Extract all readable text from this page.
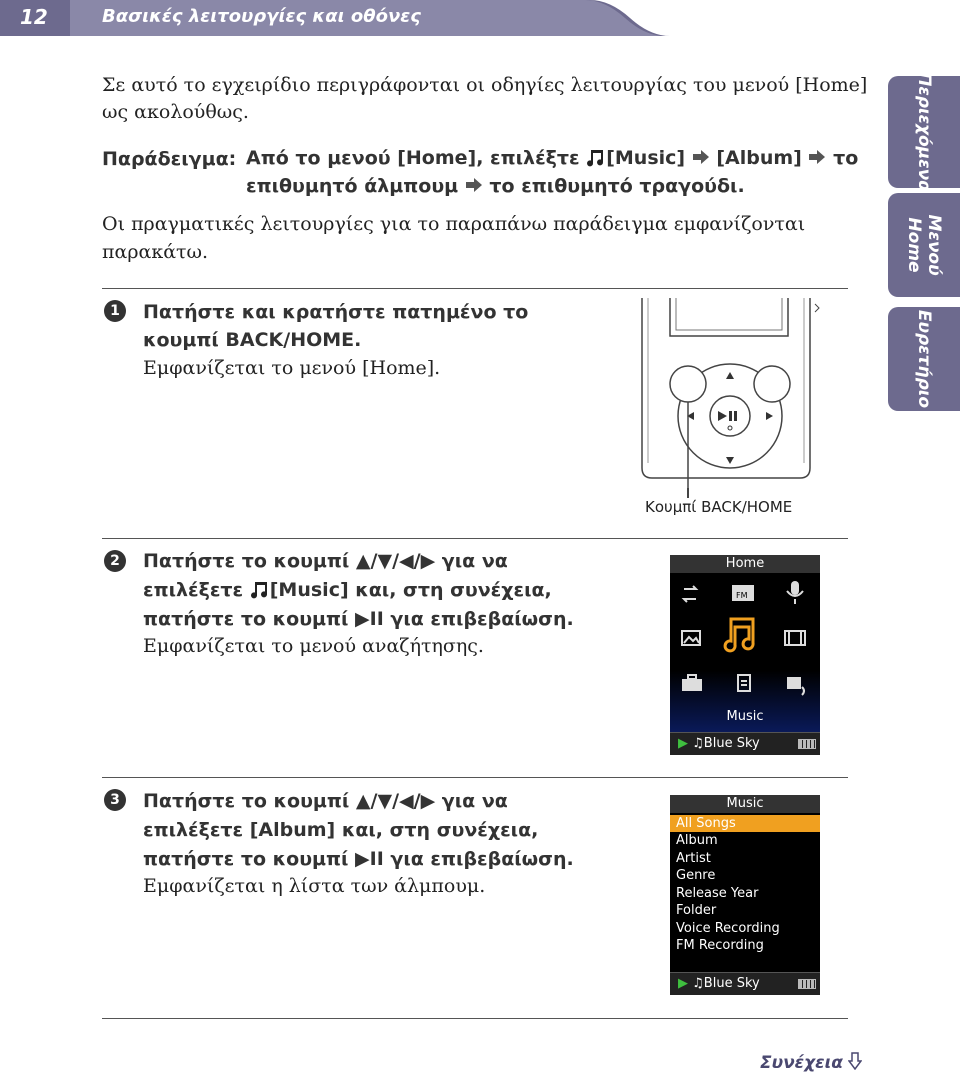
12	Βασικές λειτουργίες και οθόνες
Περιεχόμενα
Μενού Home
Ευρετήριο
Σε αυτό το εγχειρίδιο περιγράφονται οι οδηγίες λειτουργίας του μενού [Home]
ως ακολούθως.
Παράδειγμα: Από το μενού [Home], επιλέξτε [Music] [Album] το
επιθυμητό άλμπουμ το επιθυμητό τραγούδι.
Οι πραγματικές λειτουργίες για το παραπάνω παράδειγμα εμφανίζονται
παρακάτω.
1	Πατήστε και κρατήστε πατημένο το
κουμπί BACK/HOME.
Εμφανίζεται το μενού [Home].
Κουμπί BACK/HOME
2	Πατήστε το κουμπί ▲/▼/◀/▶ για να
επιλέξετε [Music] και, στη συνέχεια,
πατήστε το κουμπί ▶II για επιβεβαίωση.
Εμφανίζεται το μενού αναζήτησης.
Home
FM
Music
▶ ♫Blue Sky
3	Πατήστε το κουμπί ▲/▼/◀/▶ για να
επιλέξετε [Album] και, στη συνέχεια,
πατήστε το κουμπί ▶II για επιβεβαίωση.
Εμφανίζεται η λίστα των άλμπουμ.
Music
All Songs
Album
Artist
Genre
Release Year
Folder
Voice Recording
FM Recording
▶ ♫Blue Sky
Συνέχεια
